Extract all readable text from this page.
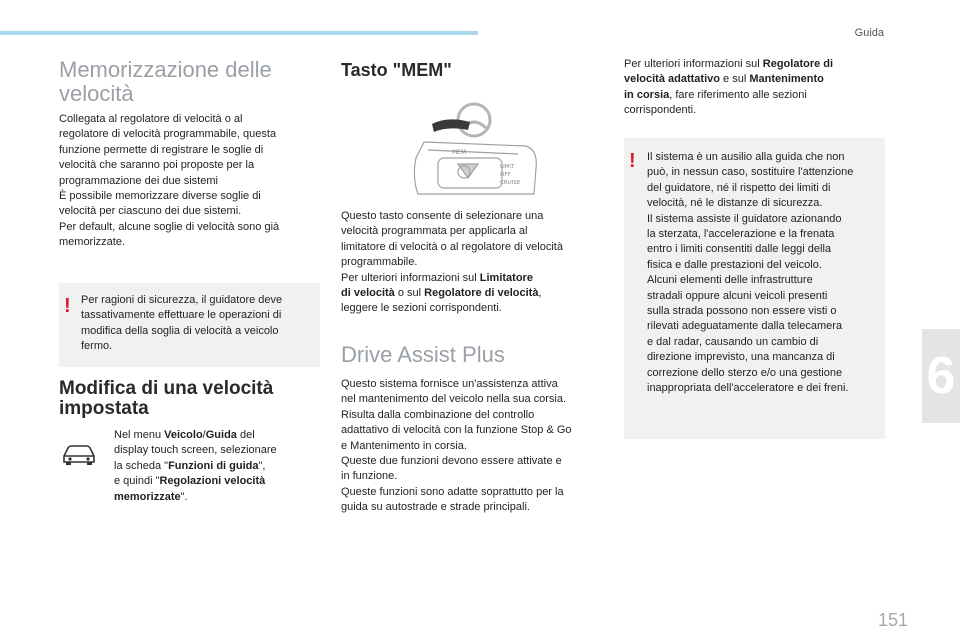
Guida
6
151
Memorizzazione delle velocità

Collegata al regolatore di velocità o al

regolatore di velocità programmabile, questa

funzione permette di registrare le soglie di

velocità che saranno poi proposte per la

programmazione dei due sistemi

È possibile memorizzare diverse soglie di

velocità per ciascuno dei due sistemi.

Per default, alcune soglie di velocità sono già

memorizzate.

! Per ragioni di sicurezza, il guidatore deve

tassativamente effettuare le operazioni di

modifica della soglia di velocità a veicolo

fermo.

Modifica di una velocità impostata

Nel menu Veicolo/Guida del

display touch screen, selezionare

la scheda "Funzioni di guida",

e quindi "Regolazioni velocità

memorizzate".

Tasto "MEM"
MEM
LIMIT
OFF
CRUISE

Questo tasto consente di selezionare una

velocità programmata per applicarla al

limitatore di velocità o al regolatore di velocità

programmabile.

Per ulteriori informazioni sul Limitatore

di velocità o sul Regolatore di velocità,

leggere le sezioni corrispondenti.

Drive Assist Plus

Questo sistema fornisce un'assistenza attiva

nel mantenimento del veicolo nella sua corsia.

Risulta dalla combinazione del controllo

adattativo di velocità con la funzione Stop & Go

e Mantenimento in corsia.

Queste due funzioni devono essere attivate e

in funzione.

Queste funzioni sono adatte soprattutto per la

guida su autostrade e strade principali.

Per ulteriori informazioni sul Regolatore di

velocità adattativo e sul Mantenimento

in corsia, fare riferimento alle sezioni

corrispondenti.

! Il sistema è un ausilio alla guida che non

può, in nessun caso, sostituire l'attenzione

del guidatore, né il rispetto dei limiti di

velocità, né le distanze di sicurezza.

Il sistema assiste il guidatore azionando

la sterzata, l'accelerazione e la frenata

entro i limiti consentiti dalle leggi della

fisica e dalle prestazioni del veicolo.

Alcuni elementi delle infrastrutture

stradali oppure alcuni veicoli presenti

sulla strada possono non essere visti o

rilevati adeguatamente dalla telecamera

e dal radar, causando un cambio di

direzione imprevisto, una mancanza di

correzione dello sterzo e/o una gestione

inappropriata dell'acceleratore e dei freni.
